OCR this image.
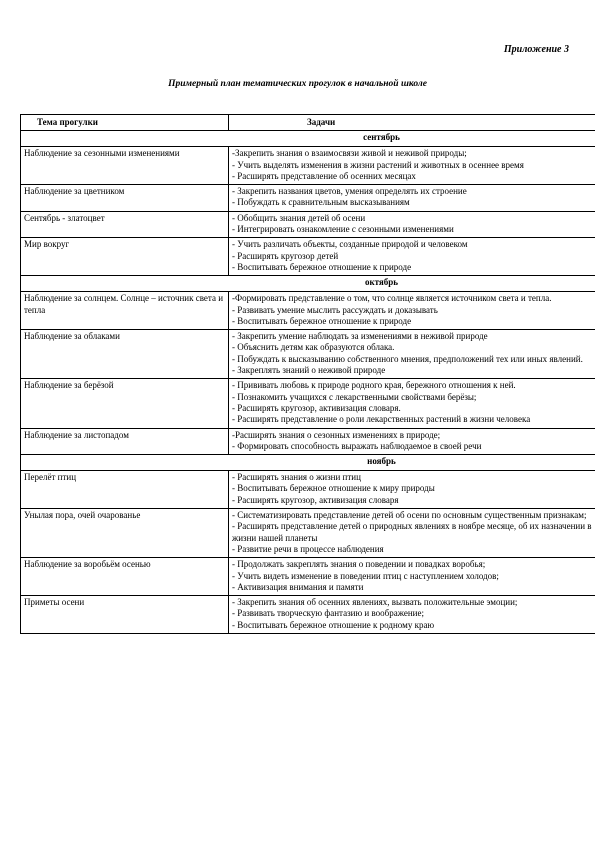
Приложение 3
Примерный план тематических прогулок в начальной школе
Тема прогулки	Задачи
сентябрь	
Наблюдение за сезонными изменениями	-Закрепить знания о взаимосвязи живой и неживой природы;
- Учить выделять изменения в жизни растений и животных в осеннее время
- Расширять представление об осенних месяцах

Наблюдение за цветником	- Закрепить названия цветов, умения определять их строение
- Побуждать к сравнительным высказываниям

Сентябрь - златоцвет	- Обобщить знания детей об осени
- Интегрировать ознакомление с сезонными изменениями

Мир вокруг	- Учить различать объекты, созданные природой и человеком
- Расширять кругозор детей
- Воспитывать бережное отношение к природе

октябрь	
Наблюдение за солнцем. Солнце – источник света и тепла	-Формировать представление о том, что солнце является источником света и тепла.
- Развивать умение мыслить рассуждать и доказывать
- Воспитывать бережное отношение к природе

Наблюдение за облаками	- Закрепить умение наблюдать за изменениями в неживой природе
- Объяснить детям как образуются облака.
- Побуждать к высказыванию собственного мнения, предположений тех или иных явлений.
- Закреплять знаний о неживой природе

Наблюдение за берёзой	- Прививать любовь к природе родного края, бережного отношения к ней.
- Познакомить учащихся с лекарственными свойствами берёзы;
- Расширять кругозор, активизация словаря.
- Расширять представление о роли лекарственных растений в жизни человека

Наблюдение за листопадом	-Расширять знания о сезонных изменениях в природе;
- Формировать способность выражать наблюдаемое в своей речи

ноябрь	
Перелёт птиц	- Расширять знания о жизни птиц
- Воспитывать бережное отношение к миру природы
- Расширять кругозор, активизация словаря

Унылая пора, очей очарованье	- Систематизировать представление детей об осени по основным существенным признакам;
- Расширять представление детей о природных явлениях в ноябре месяце, об их назначении в жизни нашей планеты
- Развитие речи в процессе наблюдения

Наблюдение за воробьём осенью	- Продолжать закреплять знания о поведении и повадках воробья;
- Учить видеть изменение в поведении птиц с наступлением холодов;
- Активизация внимания и памяти

Приметы осени	- Закрепить знания об осенних явлениях, вызвать положительные эмоции;
- Развивать творческую фантазию и воображение;
- Воспитывать бережное отношение к родному краю
